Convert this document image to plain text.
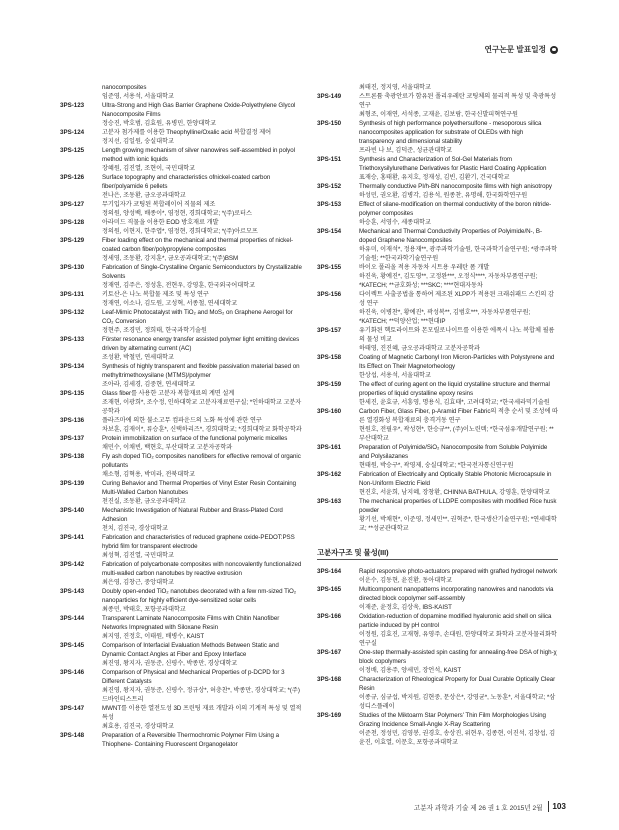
연구논문 발표일정
nanocomposites
임준영, 서용석, 서울대학교
3PS-123	Ultra-Strong and High Gas Barrier Graphene Oxide-Polyethylene Glycol Nanocomposite Films
정승진, 박호범, 김효원, 유병민, 한양대학교
3PS-124	고분자 첨가제를 이용한 Theophylline/Oxalic acid 복합결정 제어
정지선, 김일원, 숭실대학교
3PS-125	Length growing mechanism of silver nanowires self-assembled in polyol method with ionic liquids
장혜원, 김진열, 조현이, 국민대학교
3PS-126	Surface topography and characteristics ofnickel-coated carbon fiber/polyamide 6 pellets
전나은, 조동환, 금오공과대학교
3PS-127	무기입자가 코팅된 복합레이어 직물의 제조
정의원, 양성백, 배종이*, 염정현, 경희대학교; *(주)로터스
3PS-128	아라미드 직물을 이용한 EOD 방호재료 개발
정의원, 이현지, 한주엽*, 염정현, 경희대학교; *(주)아르모프
3PS-129	Fiber loading effect on the mechanical and thermal properties of nickel-coated carbon fiber/polypropylene composites
정세영, 조동환, 강지훈*, 금오공과대학교; *(주)BSM
3PS-130	Fabrication of Single-Crystalline Organic Semiconductors by Crystallizable Solvents
정재연, 김주은, 정성훈, 전현우, 강영훈, 한국외국어대학교
3PS-131	키토산-은 나노 복합물 제조 및 특성 연구
정재연, 이소나, 김도원, 고성혁, 서종철, 연세대학교
3PS-132	Leaf-Mimic Photocatalyst with TiO₂ and MoS₂ on Graphene Aerogel for CO₂ Conversion
정현주, 조경민, 정희태, 한국과학기술원
3PS-133	Förster resonance energy transfer assisted polymer light emitting devices driven by alternating current (AC)
조성환, 박철민, 연세대학교
3PS-134	Synthesis of highly transparent and flexible passivation material based on methyltrimethoxysilane (MTMS)/polymer
조아라, 김세경, 김중현, 연세대학교
3PS-135	Glass fiber를 사용한 고분자 복합재료의 계면 설계
조재현, 이광희*, 조수정, 인하대학교 고분자재료연구실; *인하대학교 고분자공학과
3PS-136	플라즈마에 의한 불소고무 컴파운드의 노화 특성에 관한 연구
차보훈, 김재이*, 류승훈*, 신택하리즈*, 경희대학교; *경희대학교 화학공학과
3PS-137	Protein immobilization on surface of the functional polymeric micelles
채민수, 이채빈, 백현호, 부산대학교 고분자공학과
3PS-138	Fly ash doped TiO₂ composites nanofibers for effective removal of organic pollutants
채소형, 김혁용, 박미라, 전북대학교
3PS-139	Curing Behavior and Thermal Properties of Vinyl Ester Resin Containing Multi-Walled Carbon Nanotubes
천진실, 조동환, 금오공과대학교
3PS-140	Mechanistic Investigation of Natural Rubber and Brass-Plated Cord Adhesion
천치, 김진국, 경상대학교
3PS-141	Fabrication and characteristics of reduced graphene oxide-PEDOT:PSS hybrid film for transparent electrode
최성혁, 김진열, 국민대학교
3PS-142	Fabrication of polycarbonate composites with noncovalently functionalized multi-walled carbon nanotubes by reactive extrusion
최은영, 김창근, 중앙대학교
3PS-143	Doubly open-ended TiO₂ nanotubes decorated with a few nm-sized TiO₂ nanoparticles for highly efficient dye-sensitized solar cells
최종민, 박태호, 포항공과대학교
3PS-144	Transparent Laminate Nanocomposite Films with Chitin Nanofiber Networks Impregnated with Siloxane Resin
최지영, 진정호, 이태원, 배병수, KAIST
3PS-145	Comparison of Interfacial Evaluation Methods Between Static and Dynamic Contact Angles at Fiber and Epoxy Interface
최진영, 왕지자, 권동준, 신평수, 박종만, 경상대학교
3PS-146	Comparison of Physical and Mechanical Properties of p-DCPD for 3 Different Catalysts
최진영, 왕지자, 권동준, 신평수, 정규상*, 허충찬*, 박종만, 경상대학교; *(주)드바인티스트리
3PS-147	MWNT를 이용한 열전도성 3D 프린팅 재료 개발과 이의 기계적 특성 및 열적 특성
최효용, 김진국, 경상대학교
3PS-148	Preparation of a Reversible Thermochromic Polymer Film Using a Thiophene- Containing Fluorescent Organogelator
최태진, 정지영, 서울대학교
3PS-149	스트론튬 축광안료가 함유된 폴리우레탄 코팅체의 물리적 특성 및 축광특성 연구
최형조, 이재연, 서석종, 고재윤, 김보람, 한국신발피혁연구원
3PS-150	Synthesis of high performance polyethersulfone - mesoporous silica nanocomposites application for substrate of OLEDs with high transparency and dimensional stability
프라빈 나 보, 김덕준, 성균관대학교
3PS-151	Synthesis and Characterization of Sol-Gel Materials from Triethoxysilylurethane Derivatives for Plastic Hard Coating Application
표재승, 홍태환, 유지호, 정재성, 김빈, 김환기, 건국대학교
3PS-152	Thermally conductive PI/h-BN nanocomposite films with high anisotropy
하성민, 권오환, 김병각, 김용석, 원종찬, 유명해, 한국화학연구원
3PS-153	Effect of silane-modification on thermal conductivity of the boron nitride-polymer composites
하승훈, 서영수, 세종대학교
3PS-154	Mechanical and Thermal Conductivity Properties of Polyimide/N-, B-doped Graphene Nanocomposites
하유미, 이재석*, 정용재**, 광주과학기술원, 한국과학기술연구원; *광주과학기술원; **한국과학기술연구원
3PS-155	바이오 폴리올 적용 자동차 시트용 우레탄 폼 개발
하진욱, 황예진*, 김도영**, 고정완***, 오정식****, 자동차부품연구원; *KATECH; **금호화성; ***SKC; ****현대자동차
3PS-156	다이렉트 사출공법을 통하여 제조된 XLPP가 적용된 크래쉬패드 스킨의 감성 연구
하진욱, 이병찬*, 황예진*, 곽성복**, 김범호***, 자동차부품연구원; *KATECH; **덕양산업; ***현대IP
3PS-157	유기화된 헥토라이트와 몬모릴로나이트를 이용한 에폭시 나노 복합체 필름의 물성 비교
하태영, 진진혜, 금오공과대학교 고분자공학과
3PS-158	Coating of Magnetic Carbonyl Iron Micron-Particles with Polystyrene and Its Effect on Their Magnetorheology
한상섭, 서용석, 서울대학교
3PS-159	The effect of curing agent on the liquid crystalline structure and thermal properties of liquid crystalline epoxy resins
한세진, 윤효규, 서흥영, 명용식, 김효태*, 고려대학교; *한국세라믹기술원
3PS-160	Carbon Fiber, Glass Fiber, p-Aramid Fiber Fabric의 적층 순서 및 조성에 따른 열경화성 복합재료의 충격거동 연구
현원호, 전필우*, 곽성현*, 한승규**, (주)이노린텍; *한국섬유개발연구원; **부산대학교
3PS-161	Preparation of Polyimide/SiO₂ Nanocomposite from Soluble Polyimide and Polysilazanes
현태원, 박승구*, 곽영제, 숭실대학교; *한국전자통신연구원
3PS-162	Fabrication of Electrically and Optically Stable Photonic Microcapsule in Non-Uniform Electric Field
현진호, 서윤희, 남지혜, 장창환, CHINNA BATHULA, 강영훈, 한양대학교
3PS-163	The mechanical properties of LLDPE composites with modified Rice husk powder
황기선, 박채현*, 이준영, 정세민**, 권혁준*, 한국생산기술연구원; *연세대학교; **성균관대학교
고분자구조 및 물성(III)
3PS-164	Rapid responsive photo-actuators prepared with grafted hydrogel network
이운수, 김동현, 윤진환, 동아대학교
3PS-165	Multicomponent nanopatterns incorporating nanowires and nanodots via directed block copolymer self-assembly
이재준, 윤정호, 김상욱, IBS-KAIST
3PS-166	Oxidation-reduction of dopamine modified hyaluronic acid shell on silica particle induced by pH control
이정원, 김효진, 고재형, 유영주, 손대원, 한양대학교 화학과 고분자물리화학 연구실
3PS-167	One-step thermally-assisted spin casting for annealing-free DSA of high-χ block copolymers
이정배, 김용주, 양세민, 장언석, KAIST
3PS-168	Characterization of Rheological Property for Dual Curable Optically Clear Resin
이종규, 심규섭, 박지원, 김현중, 문상은*, 강영균*, 노동훈*, 서울대학교; *삼성디스플레이
3PS-169	Studies of the Miktoarm Star Polymers' Thin Film Morphologies Using Grazing Incidence Small-Angle X-Ray Scattering
이준천, 정성민, 김영봉, 권경호, 송상진, 위현우, 김종현, 이진석, 김창섭, 김윤진, 이효열, 이문호, 포항공과대학교
고분자 과학과 기술 제 26 권 1 호 2015년 2월 103
